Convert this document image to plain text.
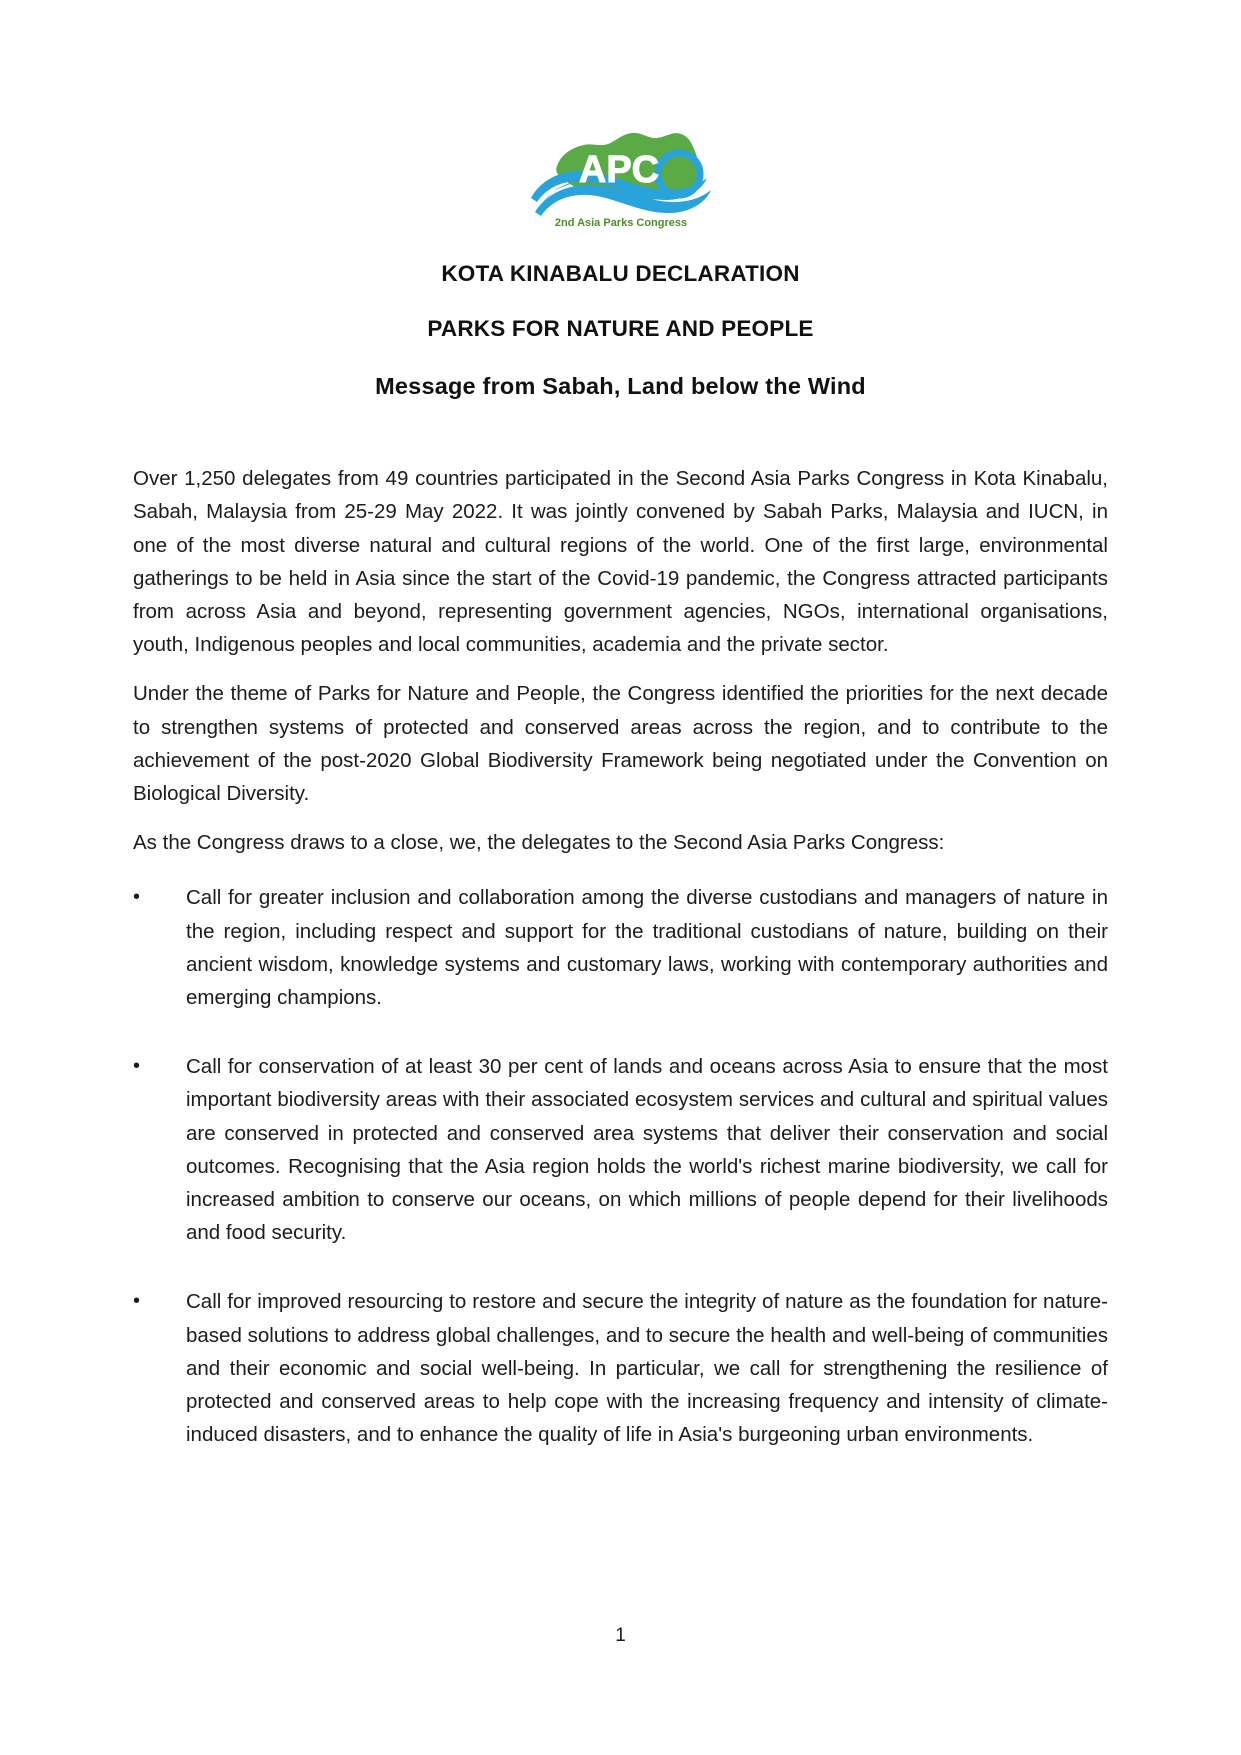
APC
2nd Asia Parks Congress
KOTA KINABALU DECLARATION
PARKS FOR NATURE AND PEOPLE
Message from Sabah, Land below the Wind

Over 1,250 delegates from 49 countries participated in the Second Asia Parks Congress in Kota Kinabalu, Sabah, Malaysia from 25-29 May 2022. It was jointly convened by Sabah Parks, Malaysia and IUCN, in one of the most diverse natural and cultural regions of the world. One of the first large, environmental gatherings to be held in Asia since the start of the Covid-19 pandemic, the Congress attracted participants from across Asia and beyond, representing government agencies, NGOs, international organisations, youth, Indigenous peoples and local communities, academia and the private sector.

Under the theme of Parks for Nature and People, the Congress identified the priorities for the next decade to strengthen systems of protected and conserved areas across the region, and to contribute to the achievement of the post-2020 Global Biodiversity Framework being negotiated under the Convention on Biological Diversity.

As the Congress draws to a close, we, the delegates to the Second Asia Parks Congress:

•	Call for greater inclusion and collaboration among the diverse custodians and managers of nature in the region, including respect and support for the traditional custodians of nature, building on their ancient wisdom, knowledge systems and customary laws, working with contemporary authorities and emerging champions.
•	Call for conservation of at least 30 per cent of lands and oceans across Asia to ensure that the most important biodiversity areas with their associated ecosystem services and cultural and spiritual values are conserved in protected and conserved area systems that deliver their conservation and social outcomes. Recognising that the Asia region holds the world's richest marine biodiversity, we call for increased ambition to conserve our oceans, on which millions of people depend for their livelihoods and food security.
•	Call for improved resourcing to restore and secure the integrity of nature as the foundation for nature-based solutions to address global challenges, and to secure the health and well-being of communities and their economic and social well-being. In particular, we call for strengthening the resilience of protected and conserved areas to help cope with the increasing frequency and intensity of climate-induced disasters, and to enhance the quality of life in Asia's burgeoning urban environments.
1
